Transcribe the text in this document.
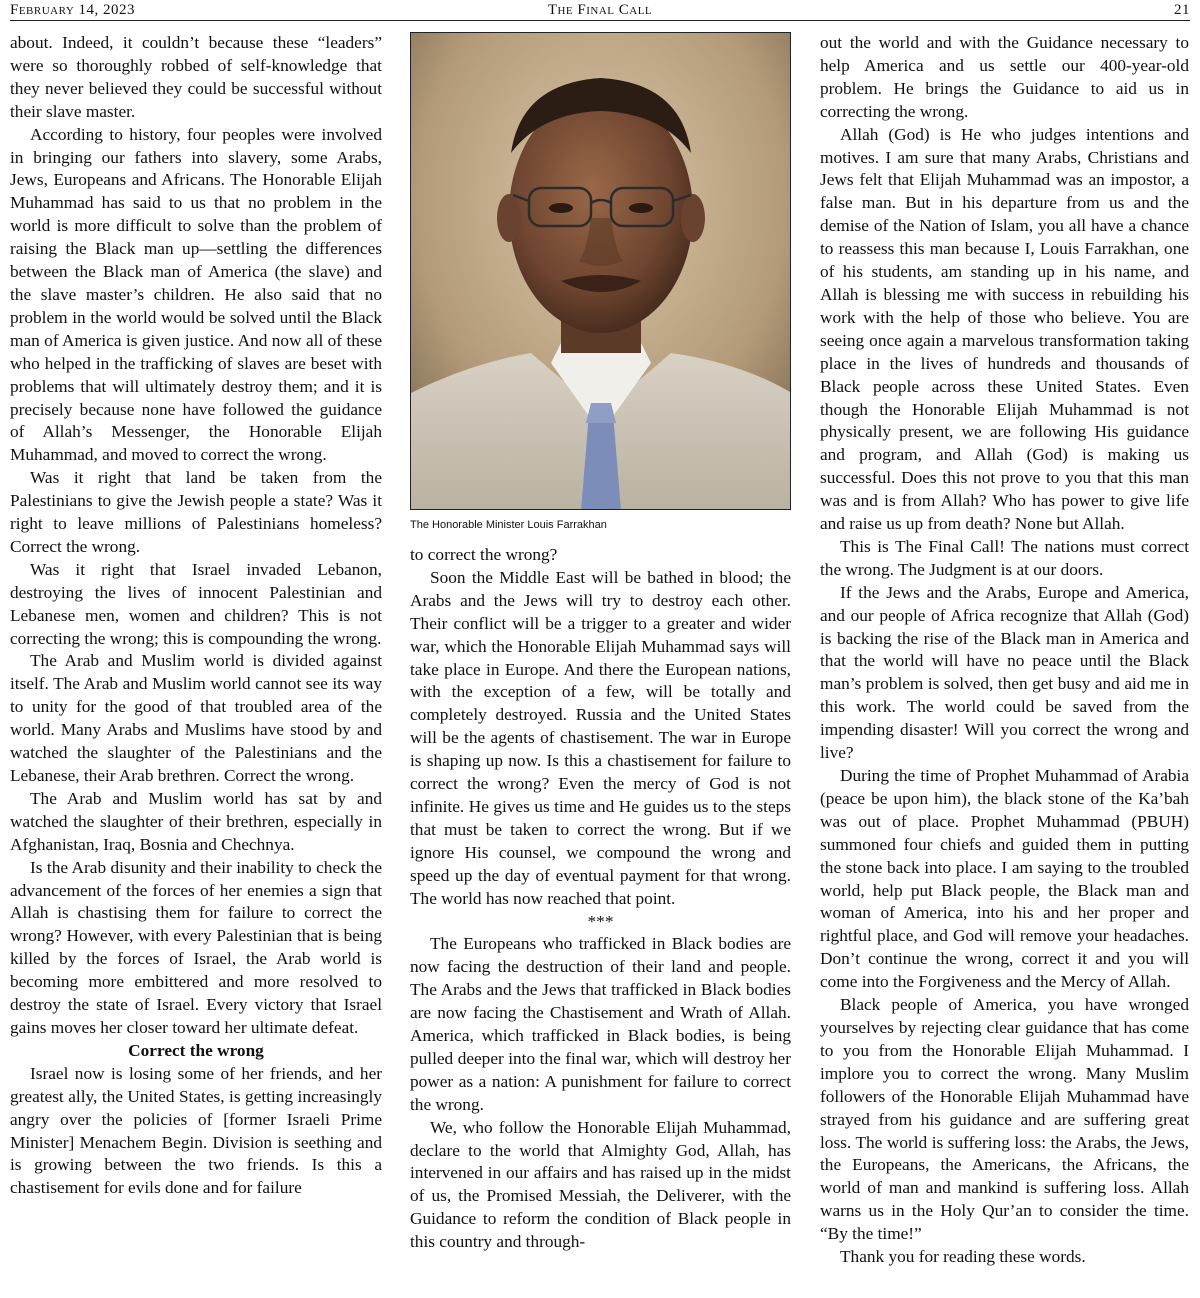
February 14, 2023	The Final Call	21

about. Indeed, it couldn’t because these “leaders” were so thoroughly robbed of self-knowledge that they never believed they could be successful without their slave master.

According to history, four peoples were involved in bringing our fathers into slavery, some Arabs, Jews, Europeans and Africans. The Honorable Elijah Muhammad has said to us that no problem in the world is more difficult to solve than the problem of raising the Black man up—settling the differences between the Black man of America (the slave) and the slave master’s children. He also said that no problem in the world would be solved until the Black man of America is given justice. And now all of these who helped in the trafficking of slaves are beset with problems that will ultimately destroy them; and it is precisely because none have followed the guidance of Allah’s Messenger, the Honorable Elijah Muhammad, and moved to correct the wrong.

Was it right that land be taken from the Palestinians to give the Jewish people a state? Was it right to leave millions of Palestinians homeless? Correct the wrong.

Was it right that Israel invaded Lebanon, destroying the lives of innocent Palestinian and Lebanese men, women and children? This is not correcting the wrong; this is compounding the wrong.

The Arab and Muslim world is divided against itself. The Arab and Muslim world cannot see its way to unity for the good of that troubled area of the world. Many Arabs and Muslims have stood by and watched the slaughter of the Palestinians and the Lebanese, their Arab brethren. Correct the wrong.

The Arab and Muslim world has sat by and watched the slaughter of their brethren, especially in Afghanistan, Iraq, Bosnia and Chechnya.

Is the Arab disunity and their inability to check the advancement of the forces of her enemies a sign that Allah is chastising them for failure to correct the wrong? However, with every Palestinian that is being killed by the forces of Israel, the Arab world is becoming more embittered and more resolved to destroy the state of Israel. Every victory that Israel gains moves her closer toward her ultimate defeat.

Correct the wrong

Israel now is losing some of her friends, and her greatest ally, the United States, is getting increasingly angry over the policies of [former Israeli Prime Minister] Menachem Begin. Division is seething and is growing between the two friends. Is this a chastisement for evils done and for failure

The Honorable Minister Louis Farrakhan

to correct the wrong?

Soon the Middle East will be bathed in blood; the Arabs and the Jews will try to destroy each other. Their conflict will be a trigger to a greater and wider war, which the Honorable Elijah Muhammad says will take place in Europe. And there the European nations, with the exception of a few, will be totally and completely destroyed. Russia and the United States will be the agents of chastisement. The war in Europe is shaping up now. Is this a chastisement for failure to correct the wrong? Even the mercy of God is not infinite. He gives us time and He guides us to the steps that must be taken to correct the wrong. But if we ignore His counsel, we compound the wrong and speed up the day of eventual payment for that wrong. The world has now reached that point.

***

The Europeans who trafficked in Black bodies are now facing the destruction of their land and people. The Arabs and the Jews that trafficked in Black bodies are now facing the Chastisement and Wrath of Allah. America, which trafficked in Black bodies, is being pulled deeper into the final war, which will destroy her power as a nation: A punishment for failure to correct the wrong.

We, who follow the Honorable Elijah Muhammad, declare to the world that Almighty God, Allah, has intervened in our affairs and has raised up in the midst of us, the Promised Messiah, the Deliverer, with the Guidance to reform the condition of Black people in this country and through-

out the world and with the Guidance necessary to help America and us settle our 400-year-old problem. He brings the Guidance to aid us in correcting the wrong.

Allah (God) is He who judges intentions and motives. I am sure that many Arabs, Christians and Jews felt that Elijah Muhammad was an impostor, a false man. But in his departure from us and the demise of the Nation of Islam, you all have a chance to reassess this man because I, Louis Farrakhan, one of his students, am standing up in his name, and Allah is blessing me with success in rebuilding his work with the help of those who believe. You are seeing once again a marvelous transformation taking place in the lives of hundreds and thousands of Black people across these United States. Even though the Honorable Elijah Muhammad is not physically present, we are following His guidance and program, and Allah (God) is making us successful. Does this not prove to you that this man was and is from Allah? Who has power to give life and raise us up from death? None but Allah.

This is The Final Call! The nations must correct the wrong. The Judgment is at our doors.

If the Jews and the Arabs, Europe and America, and our people of Africa recognize that Allah (God) is backing the rise of the Black man in America and that the world will have no peace until the Black man’s problem is solved, then get busy and aid me in this work. The world could be saved from the impending disaster! Will you correct the wrong and live?

During the time of Prophet Muhammad of Arabia (peace be upon him), the black stone of the Ka’bah was out of place. Prophet Muhammad (PBUH) summoned four chiefs and guided them in putting the stone back into place. I am saying to the troubled world, help put Black people, the Black man and woman of America, into his and her proper and rightful place, and God will remove your headaches. Don’t continue the wrong, correct it and you will come into the Forgiveness and the Mercy of Allah.

Black people of America, you have wronged yourselves by rejecting clear guidance that has come to you from the Honorable Elijah Muhammad. I implore you to correct the wrong. Many Muslim followers of the Honorable Elijah Muhammad have strayed from his guidance and are suffering great loss. The world is suffering loss: the Arabs, the Jews, the Europeans, the Americans, the Africans, the world of man and mankind is suffering loss. Allah warns us in the Holy Qur’an to consider the time. “By the time!”

Thank you for reading these words.
